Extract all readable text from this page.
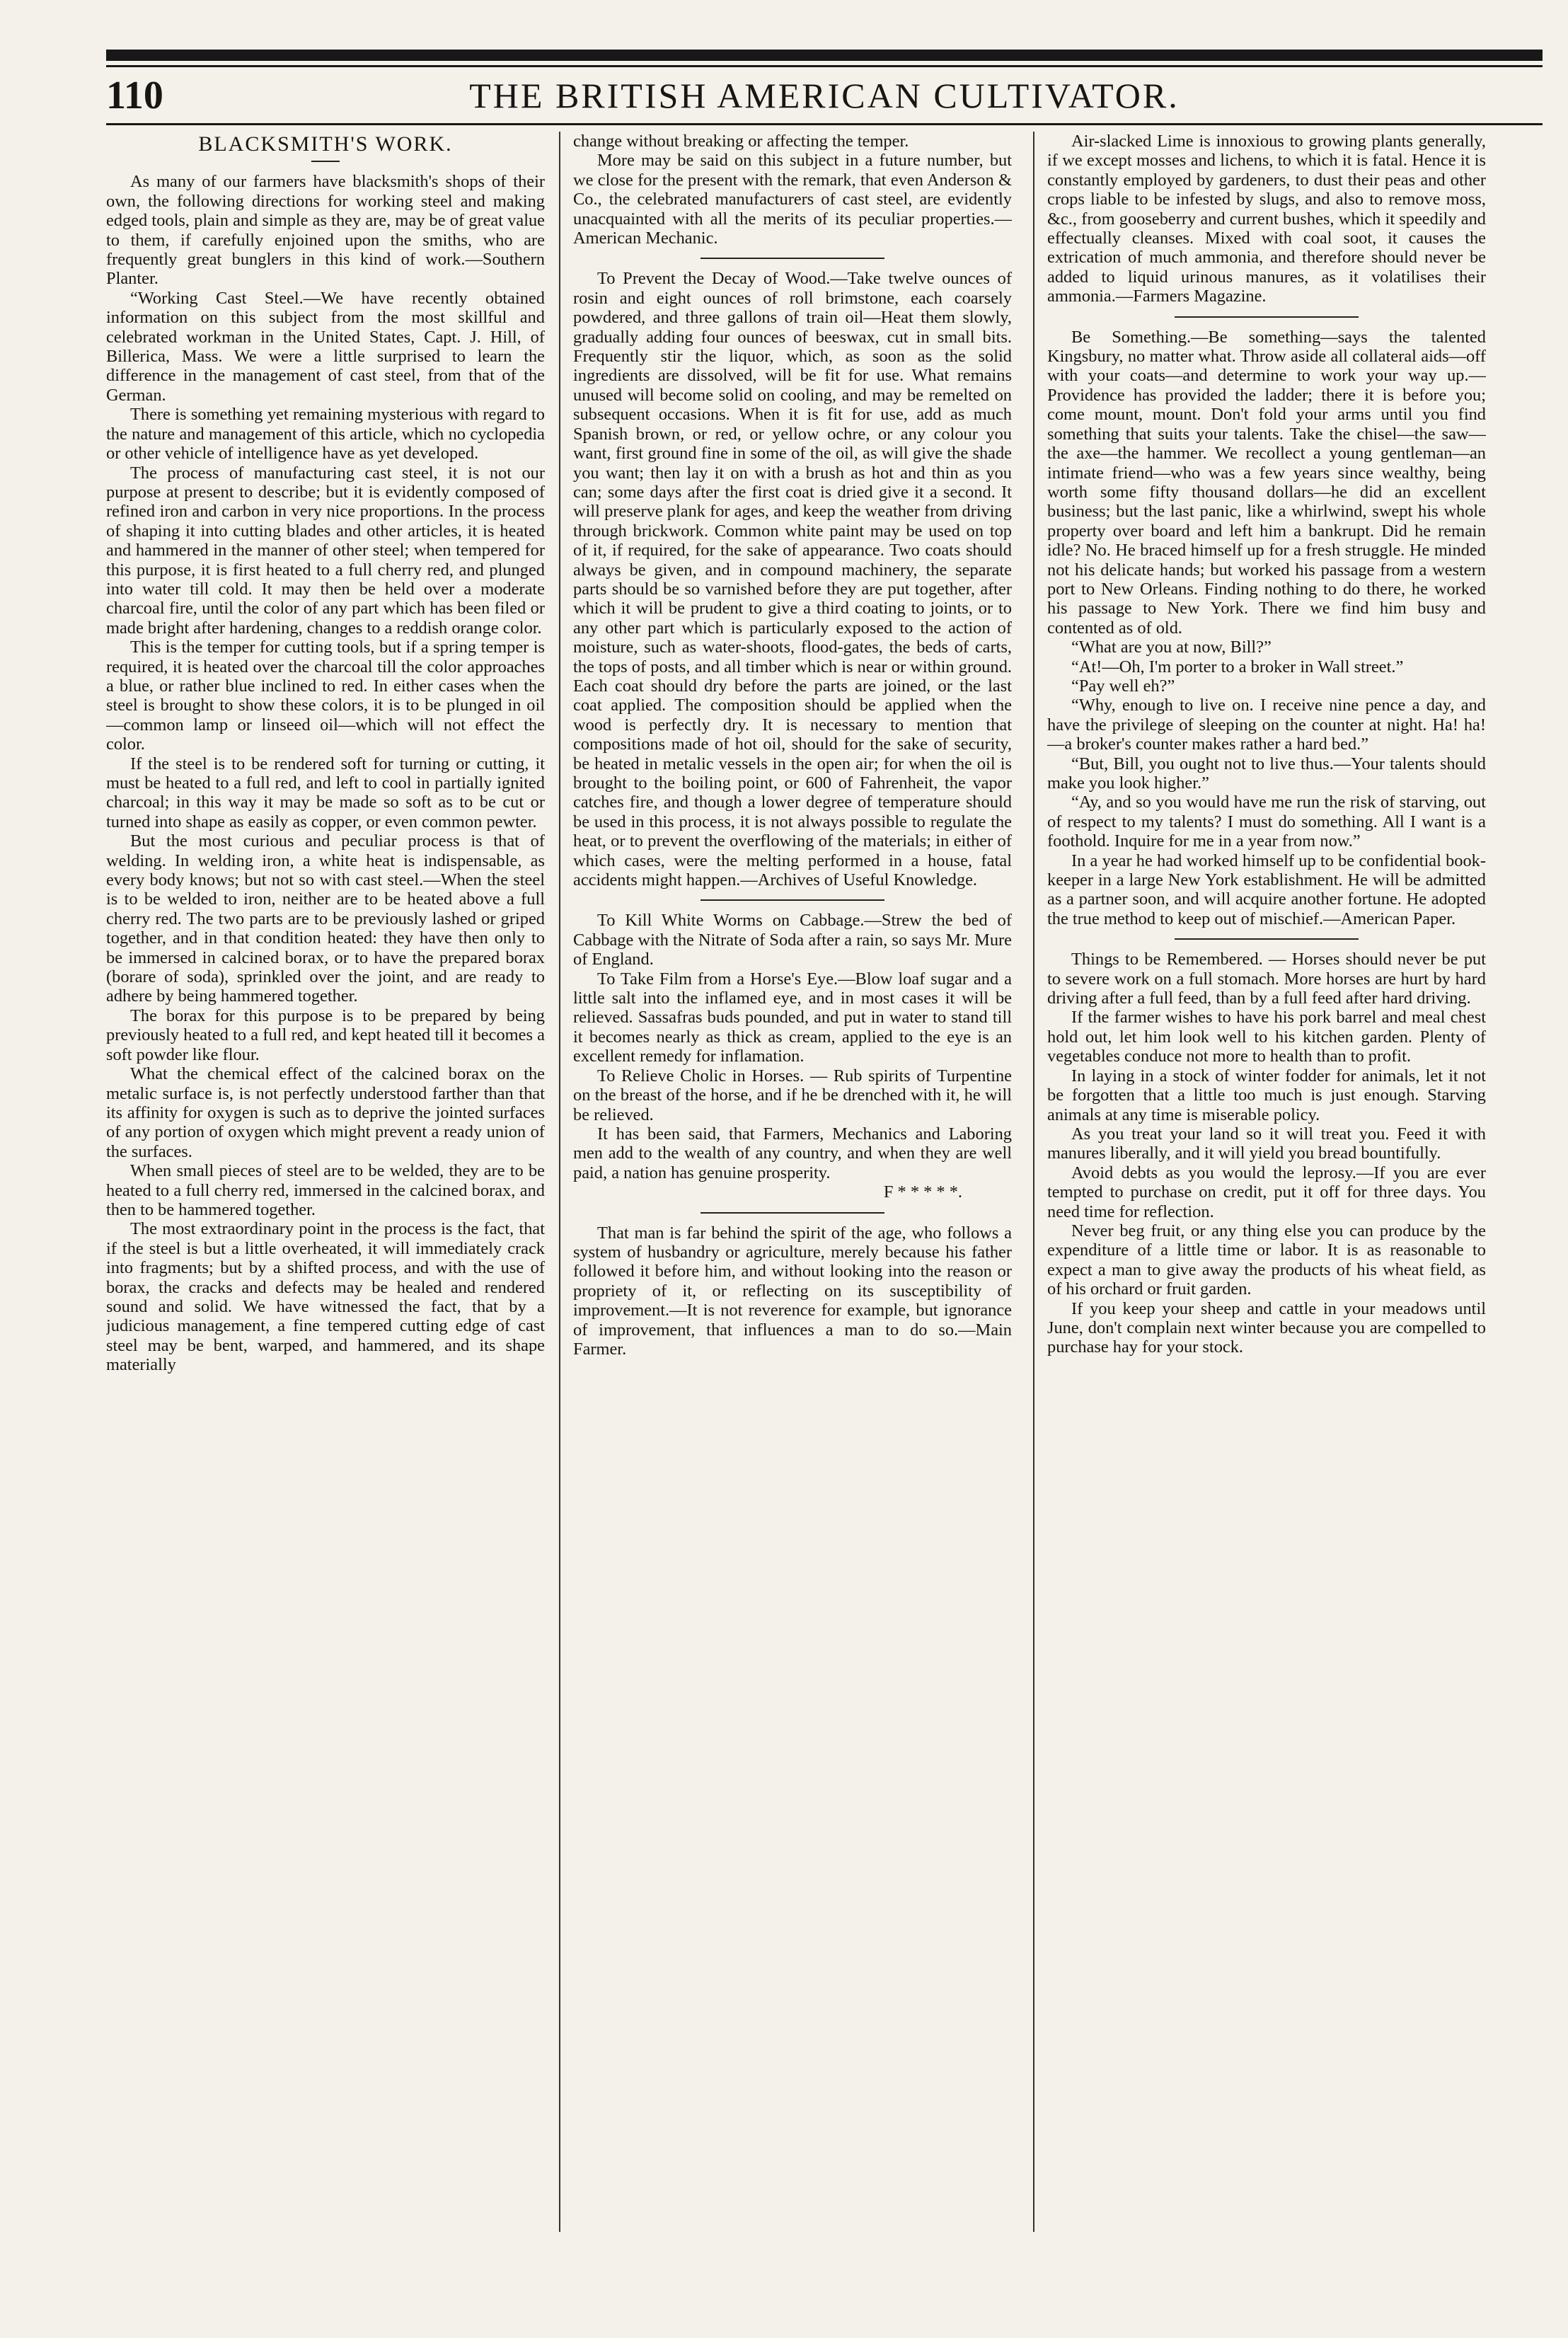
110	THE BRITISH AMERICAN CULTIVATOR.
BLACKSMITH'S WORK.

As many of our farmers have blacksmith's shops of their own, the following directions for working steel and making edged tools, plain and simple as they are, may be of great value to them, if carefully enjoined upon the smiths, who are frequently great bunglers in this kind of work.—Southern Planter.

“Working Cast Steel.—We have recently obtained information on this subject from the most skillful and celebrated workman in the United States, Capt. J. Hill, of Billerica, Mass. We were a little surprised to learn the difference in the management of cast steel, from that of the German.

There is something yet remaining mysterious with regard to the nature and management of this article, which no cyclopedia or other vehicle of intelligence have as yet developed.

The process of manufacturing cast steel, it is not our purpose at present to describe; but it is evidently composed of refined iron and carbon in very nice proportions. In the process of shaping it into cutting blades and other articles, it is heated and hammered in the manner of other steel; when tempered for this purpose, it is first heated to a full cherry red, and plunged into water till cold. It may then be held over a moderate charcoal fire, until the color of any part which has been filed or made bright after hardening, changes to a reddish orange color.

This is the temper for cutting tools, but if a spring temper is required, it is heated over the charcoal till the color approaches a blue, or rather blue inclined to red. In either cases when the steel is brought to show these colors, it is to be plunged in oil—common lamp or linseed oil—which will not effect the color.

If the steel is to be rendered soft for turning or cutting, it must be heated to a full red, and left to cool in partially ignited charcoal; in this way it may be made so soft as to be cut or turned into shape as easily as copper, or even common pewter.

But the most curious and peculiar process is that of welding. In welding iron, a white heat is indispensable, as every body knows; but not so with cast steel.—When the steel is to be welded to iron, neither are to be heated above a full cherry red. The two parts are to be previously lashed or griped together, and in that condition heated: they have then only to be immersed in calcined borax, or to have the prepared borax (borare of soda), sprinkled over the joint, and are ready to adhere by being hammered together.

The borax for this purpose is to be prepared by being previously heated to a full red, and kept heated till it becomes a soft powder like flour.

What the chemical effect of the calcined borax on the metalic surface is, is not perfectly understood farther than that its affinity for oxygen is such as to deprive the jointed surfaces of any portion of oxygen which might prevent a ready union of the surfaces.

When small pieces of steel are to be welded, they are to be heated to a full cherry red, immersed in the calcined borax, and then to be hammered together.

The most extraordinary point in the process is the fact, that if the steel is but a little overheated, it will immediately crack into fragments; but by a shifted process, and with the use of borax, the cracks and defects may be healed and rendered sound and solid. We have witnessed the fact, that by a judicious management, a fine tempered cutting edge of cast steel may be bent, warped, and hammered, and its shape materially

change without breaking or affecting the temper.

More may be said on this subject in a future number, but we close for the present with the remark, that even Anderson & Co., the celebrated manufacturers of cast steel, are evidently unacquainted with all the merits of its peculiar properties.—American Mechanic.

To Prevent the Decay of Wood.—Take twelve ounces of rosin and eight ounces of roll brimstone, each coarsely powdered, and three gallons of train oil—Heat them slowly, gradually adding four ounces of beeswax, cut in small bits. Frequently stir the liquor, which, as soon as the solid ingredients are dissolved, will be fit for use. What remains unused will become solid on cooling, and may be remelted on subsequent occasions. When it is fit for use, add as much Spanish brown, or red, or yellow ochre, or any colour you want, first ground fine in some of the oil, as will give the shade you want; then lay it on with a brush as hot and thin as you can; some days after the first coat is dried give it a second. It will preserve plank for ages, and keep the weather from driving through brickwork. Common white paint may be used on top of it, if required, for the sake of appearance. Two coats should always be given, and in compound machinery, the separate parts should be so varnished before they are put together, after which it will be prudent to give a third coating to joints, or to any other part which is particularly exposed to the action of moisture, such as water-shoots, flood-gates, the beds of carts, the tops of posts, and all timber which is near or within ground. Each coat should dry before the parts are joined, or the last coat applied. The composition should be applied when the wood is perfectly dry. It is necessary to mention that compositions made of hot oil, should for the sake of security, be heated in metalic vessels in the open air; for when the oil is brought to the boiling point, or 600 of Fahrenheit, the vapor catches fire, and though a lower degree of temperature should be used in this process, it is not always possible to regulate the heat, or to prevent the overflowing of the materials; in either of which cases, were the melting performed in a house, fatal accidents might happen.—Archives of Useful Knowledge.

To Kill White Worms on Cabbage.—Strew the bed of Cabbage with the Nitrate of Soda after a rain, so says Mr. Mure of England.

To Take Film from a Horse's Eye.—Blow loaf sugar and a little salt into the inflamed eye, and in most cases it will be relieved. Sassafras buds pounded, and put in water to stand till it becomes nearly as thick as cream, applied to the eye is an excellent remedy for inflamation.

To Relieve Cholic in Horses. — Rub spirits of Turpentine on the breast of the horse, and if he be drenched with it, he will be relieved.

It has been said, that Farmers, Mechanics and Laboring men add to the wealth of any country, and when they are well paid, a nation has genuine prosperity.

F * * * * *.

That man is far behind the spirit of the age, who follows a system of husbandry or agriculture, merely because his father followed it before him, and without looking into the reason or propriety of it, or reflecting on its susceptibility of improvement.—It is not reverence for example, but ignorance of improvement, that influences a man to do so.—Main Farmer.

Air-slacked Lime is innoxious to growing plants generally, if we except mosses and lichens, to which it is fatal. Hence it is constantly employed by gardeners, to dust their peas and other crops liable to be infested by slugs, and also to remove moss, &c., from gooseberry and current bushes, which it speedily and effectually cleanses. Mixed with coal soot, it causes the extrication of much ammonia, and therefore should never be added to liquid urinous manures, as it volatilises their ammonia.—Farmers Magazine.

Be Something.—Be something—says the talented Kingsbury, no matter what. Throw aside all collateral aids—off with your coats—and determine to work your way up.—Providence has provided the ladder; there it is before you; come mount, mount. Don't fold your arms until you find something that suits your talents. Take the chisel—the saw—the axe—the hammer. We recollect a young gentleman—an intimate friend—who was a few years since wealthy, being worth some fifty thousand dollars—he did an excellent business; but the last panic, like a whirlwind, swept his whole property over board and left him a bankrupt. Did he remain idle? No. He braced himself up for a fresh struggle. He minded not his delicate hands; but worked his passage from a western port to New Orleans. Finding nothing to do there, he worked his passage to New York. There we find him busy and contented as of old.

“What are you at now, Bill?”

“At!—Oh, I'm porter to a broker in Wall street.”

“Pay well eh?”

“Why, enough to live on. I receive nine pence a day, and have the privilege of sleeping on the counter at night. Ha! ha! —a broker's counter makes rather a hard bed.”

“But, Bill, you ought not to live thus.—Your talents should make you look higher.”

“Ay, and so you would have me run the risk of starving, out of respect to my talents? I must do something. All I want is a foothold. Inquire for me in a year from now.”

In a year he had worked himself up to be confidential book-keeper in a large New York establishment. He will be admitted as a partner soon, and will acquire another fortune. He adopted the true method to keep out of mischief.—American Paper.

Things to be Remembered. — Horses should never be put to severe work on a full stomach. More horses are hurt by hard driving after a full feed, than by a full feed after hard driving.

If the farmer wishes to have his pork barrel and meal chest hold out, let him look well to his kitchen garden. Plenty of vegetables conduce not more to health than to profit.

In laying in a stock of winter fodder for animals, let it not be forgotten that a little too much is just enough. Starving animals at any time is miserable policy.

As you treat your land so it will treat you. Feed it with manures liberally, and it will yield you bread bountifully.

Avoid debts as you would the leprosy.—If you are ever tempted to purchase on credit, put it off for three days. You need time for reflection.

Never beg fruit, or any thing else you can produce by the expenditure of a little time or labor. It is as reasonable to expect a man to give away the products of his wheat field, as of his orchard or fruit garden.

If you keep your sheep and cattle in your meadows until June, don't complain next winter because you are compelled to purchase hay for your stock.
